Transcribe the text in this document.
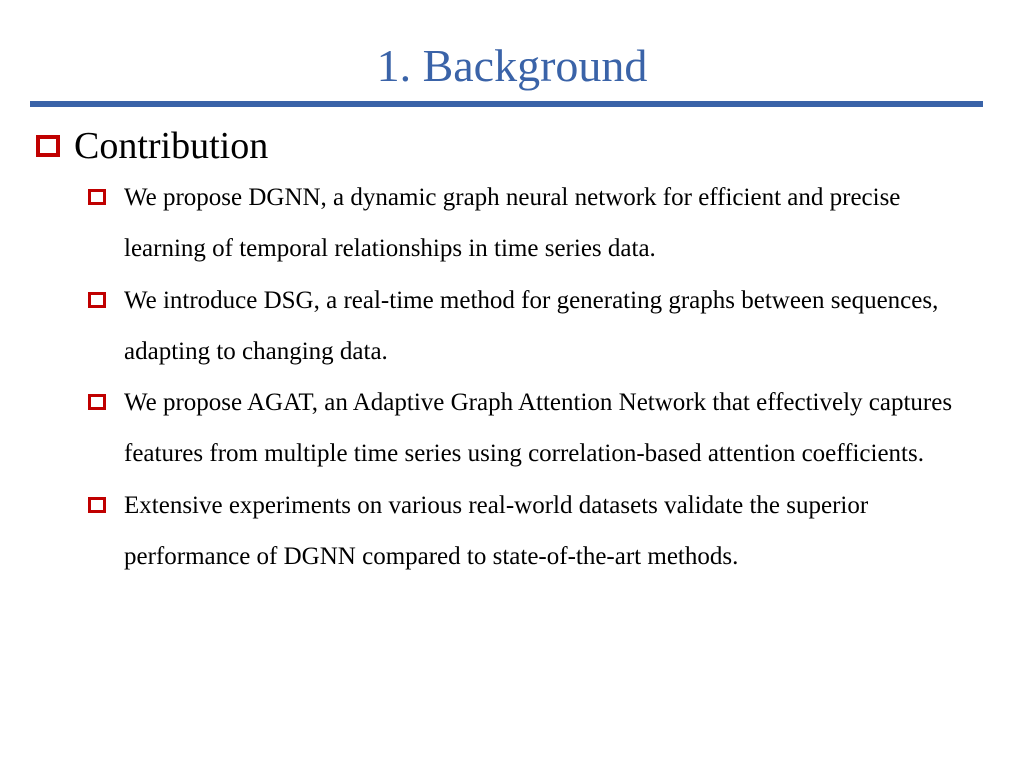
1. Background
Contribution
We propose DGNN, a dynamic graph neural network for efficient and precise learning of temporal relationships in time series data.
We introduce DSG, a real-time method for generating graphs between sequences, adapting to changing data.
We propose AGAT, an Adaptive Graph Attention Network that effectively captures features from multiple time series using correlation-based attention coefficients.
Extensive experiments on various real-world datasets validate the superior performance of DGNN compared to state-of-the-art methods.
